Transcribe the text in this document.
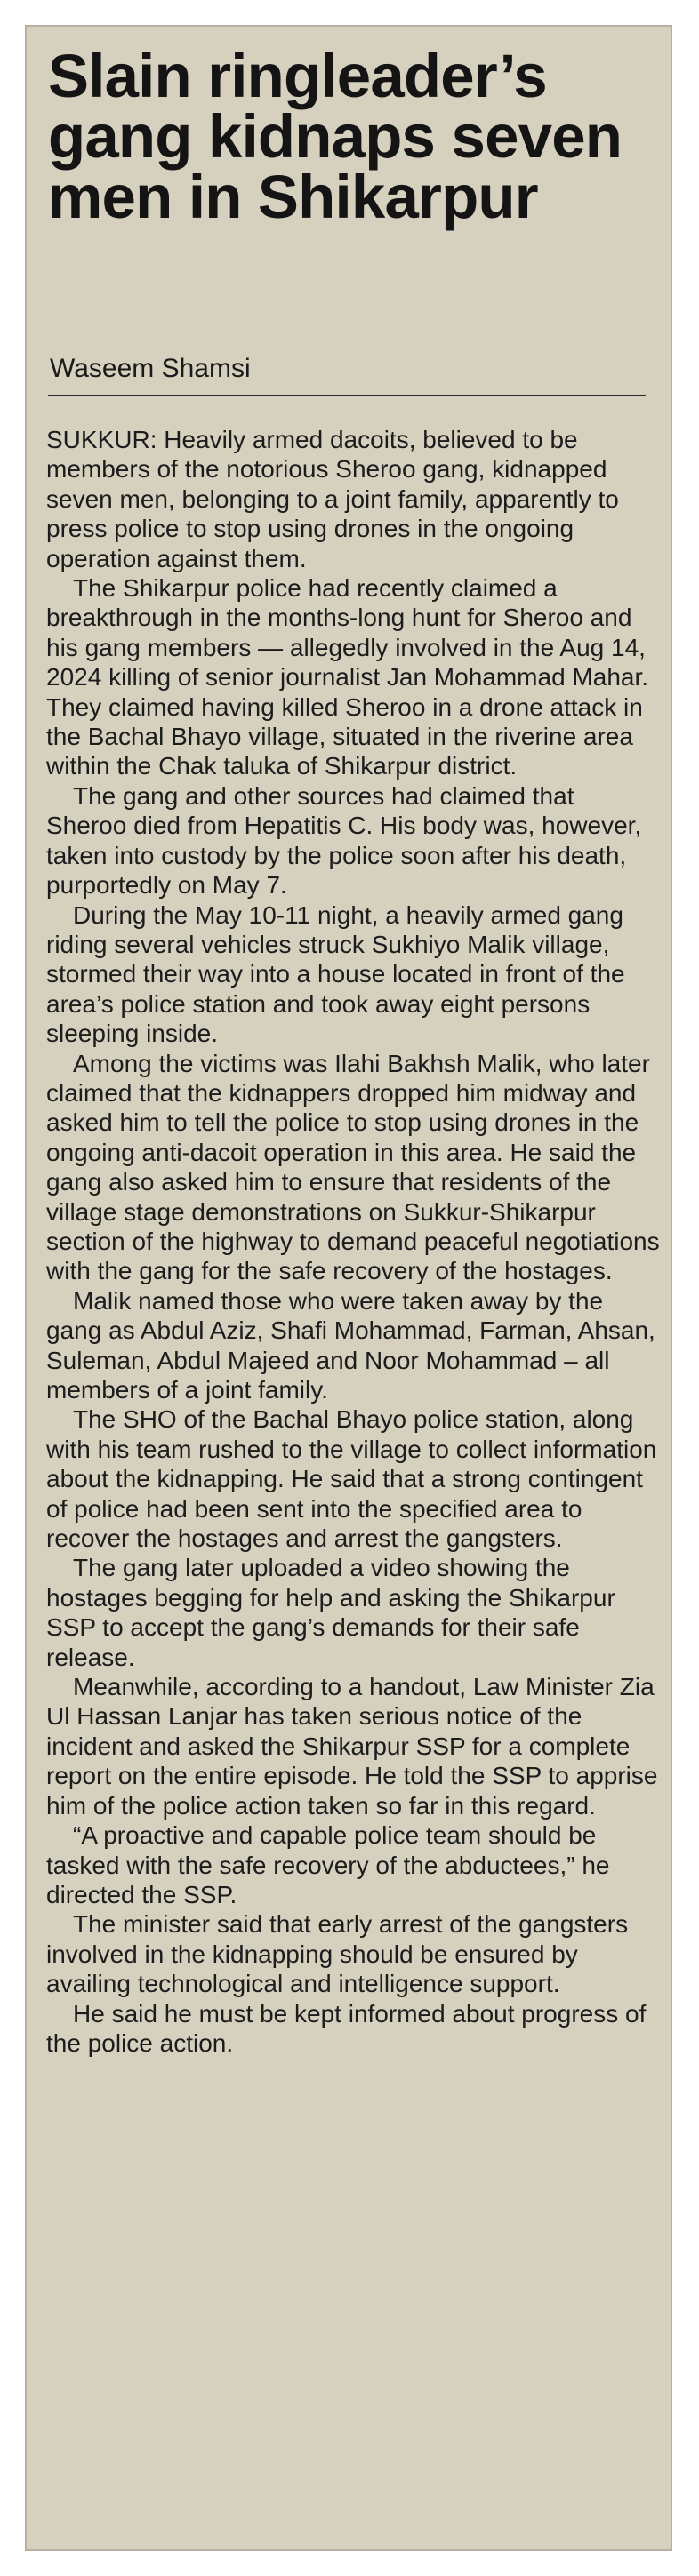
Slain ringleader’s gang kidnaps seven men in Shikarpur
Waseem Shamsi

SUKKUR: Heavily armed dacoits, believed to be members of the notorious Sheroo gang, kidnapped seven men, belonging to a joint family, apparently to press police to stop using drones in the ongoing operation against them.

The Shikarpur police had recently claimed a breakthrough in the months-long hunt for Sheroo and his gang members — allegedly involved in the Aug 14, 2024 killing of senior journalist Jan Mohammad Mahar. They claimed having killed Sheroo in a drone attack in the Bachal Bhayo village, situated in the riverine area within the Chak taluka of Shikarpur district.

The gang and other sources had claimed that Sheroo died from Hepatitis C. His body was, however, taken into custody by the police soon after his death, purportedly on May 7.

During the May 10-11 night, a heavily armed gang riding several vehicles struck Sukhiyo Malik village, stormed their way into a house located in front of the area’s police station and took away eight persons sleeping inside.

Among the victims was Ilahi Bakhsh Malik, who later claimed that the kidnappers dropped him midway and asked him to tell the police to stop using drones in the ongoing anti-dacoit operation in this area. He said the gang also asked him to ensure that residents of the village stage demonstrations on Sukkur-Shikarpur section of the highway to demand peaceful negotiations with the gang for the safe recovery of the hostages.

Malik named those who were taken away by the gang as Abdul Aziz, Shafi Mohammad, Farman, Ahsan, Suleman, Abdul Majeed and Noor Mohammad – all members of a joint family.

The SHO of the Bachal Bhayo police station, along with his team rushed to the village to collect information about the kidnapping. He said that a strong contingent of police had been sent into the specified area to recover the hostages and arrest the gangsters.

The gang later uploaded a video showing the hostages begging for help and asking the Shikarpur SSP to accept the gang’s demands for their safe release.

Meanwhile, according to a handout, Law Minister Zia Ul Hassan Lanjar has taken serious notice of the incident and asked the Shikarpur SSP for a complete report on the entire episode. He told the SSP to apprise him of the police action taken so far in this regard.

“A proactive and capable police team should be tasked with the safe recovery of the abductees,” he directed the SSP.

The minister said that early arrest of the gangsters involved in the kidnapping should be ensured by availing technological and intelligence support.

He said he must be kept informed about progress of the police action.
